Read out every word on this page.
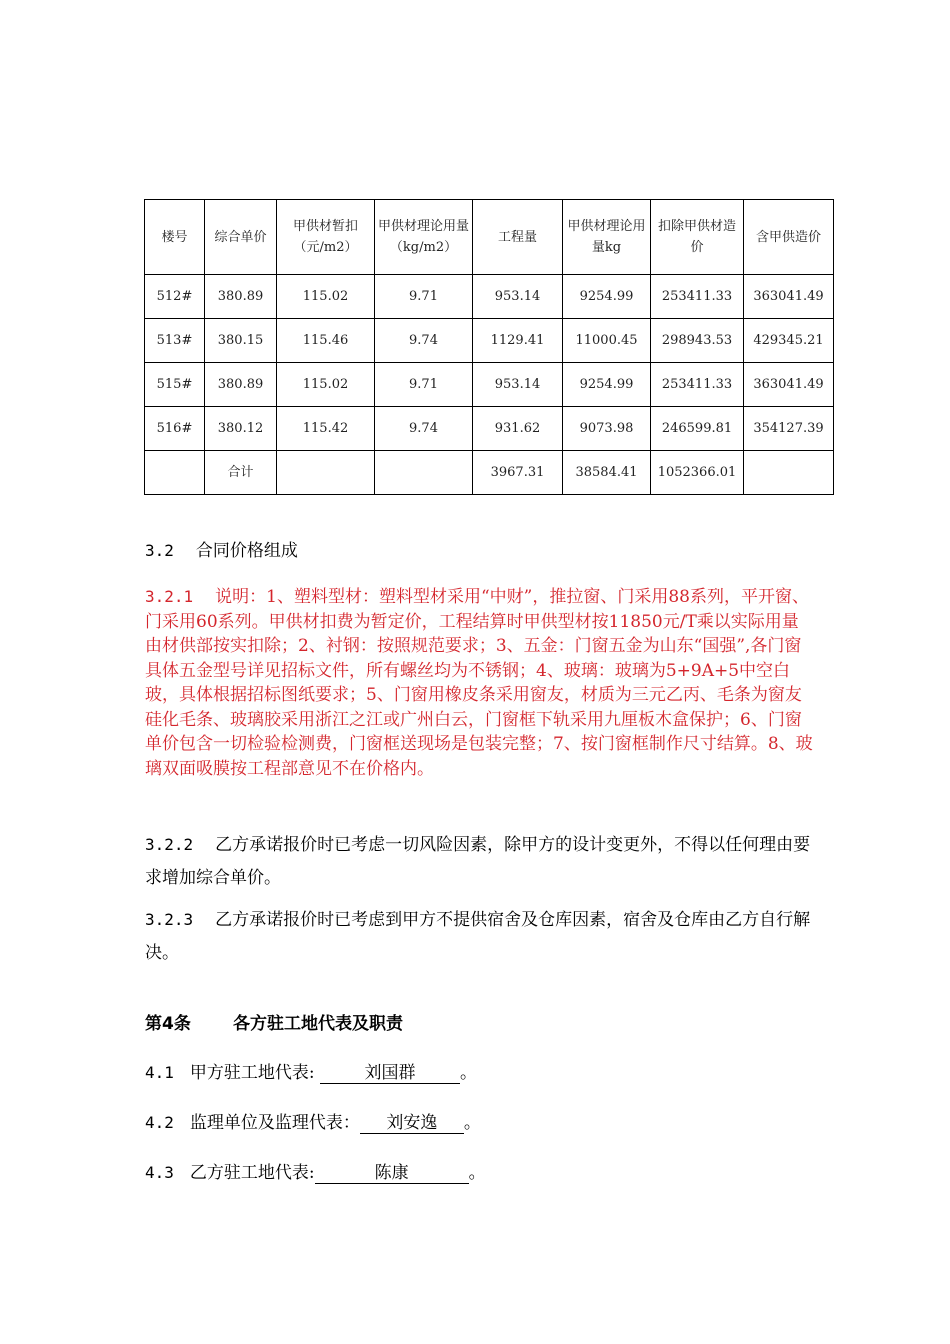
楼号	综合单价	甲供材暂扣（元/m2）	甲供材理论用量（kg/m2）	工程量	甲供材理论用量kg	扣除甲供材造价	含甲供造价
512#	380.89	115.02	9.71	953.14	9254.99	253411.33	363041.49
513#	380.15	115.46	9.74	1129.41	11000.45	298943.53	429345.21
515#	380.89	115.02	9.71	953.14	9254.99	253411.33	363041.49
516#	380.12	115.42	9.74	931.62	9073.98	246599.81	354127.39
	合计			3967.31	38584.41	1052366.01	

3.2 合同价格组成

3.2.1 说明：1、塑料型材：塑料型材采用“中财”，推拉窗、门采用88系列，平开窗、门采用60系列。甲供材扣费为暂定价，工程结算时甲供型材按11850元/T乘以实际用量由材供部按实扣除；2、衬钢：按照规范要求；3、五金：门窗五金为山东“国强”,各门窗具体五金型号详见招标文件，所有螺丝均为不锈钢；4、玻璃：玻璃为5+9A+5中空白玻，具体根据招标图纸要求；5、门窗用橡皮条采用窗友，材质为三元乙丙、毛条为窗友硅化毛条、玻璃胶采用浙江之江或广州白云，门窗框下轨采用九厘板木盒保护；6、门窗单价包含一切检验检测费，门窗框送现场是包装完整；7、按门窗框制作尺寸结算。8、玻璃双面吸膜按工程部意见不在价格内。

3.2.2 乙方承诺报价时已考虑一切风险因素，除甲方的设计变更外，不得以任何理由要求增加综合单价。

3.2.3 乙方承诺报价时已考虑到甲方不提供宿舍及仓库因素，宿舍及仓库由乙方自行解决。

第4条 各方驻工地代表及职责

4.1 甲方驻工地代表:	刘国群	。

4.2 监理单位及监理代表： 刘安逸 。

4.3 乙方驻工地代表:	陈康	。
